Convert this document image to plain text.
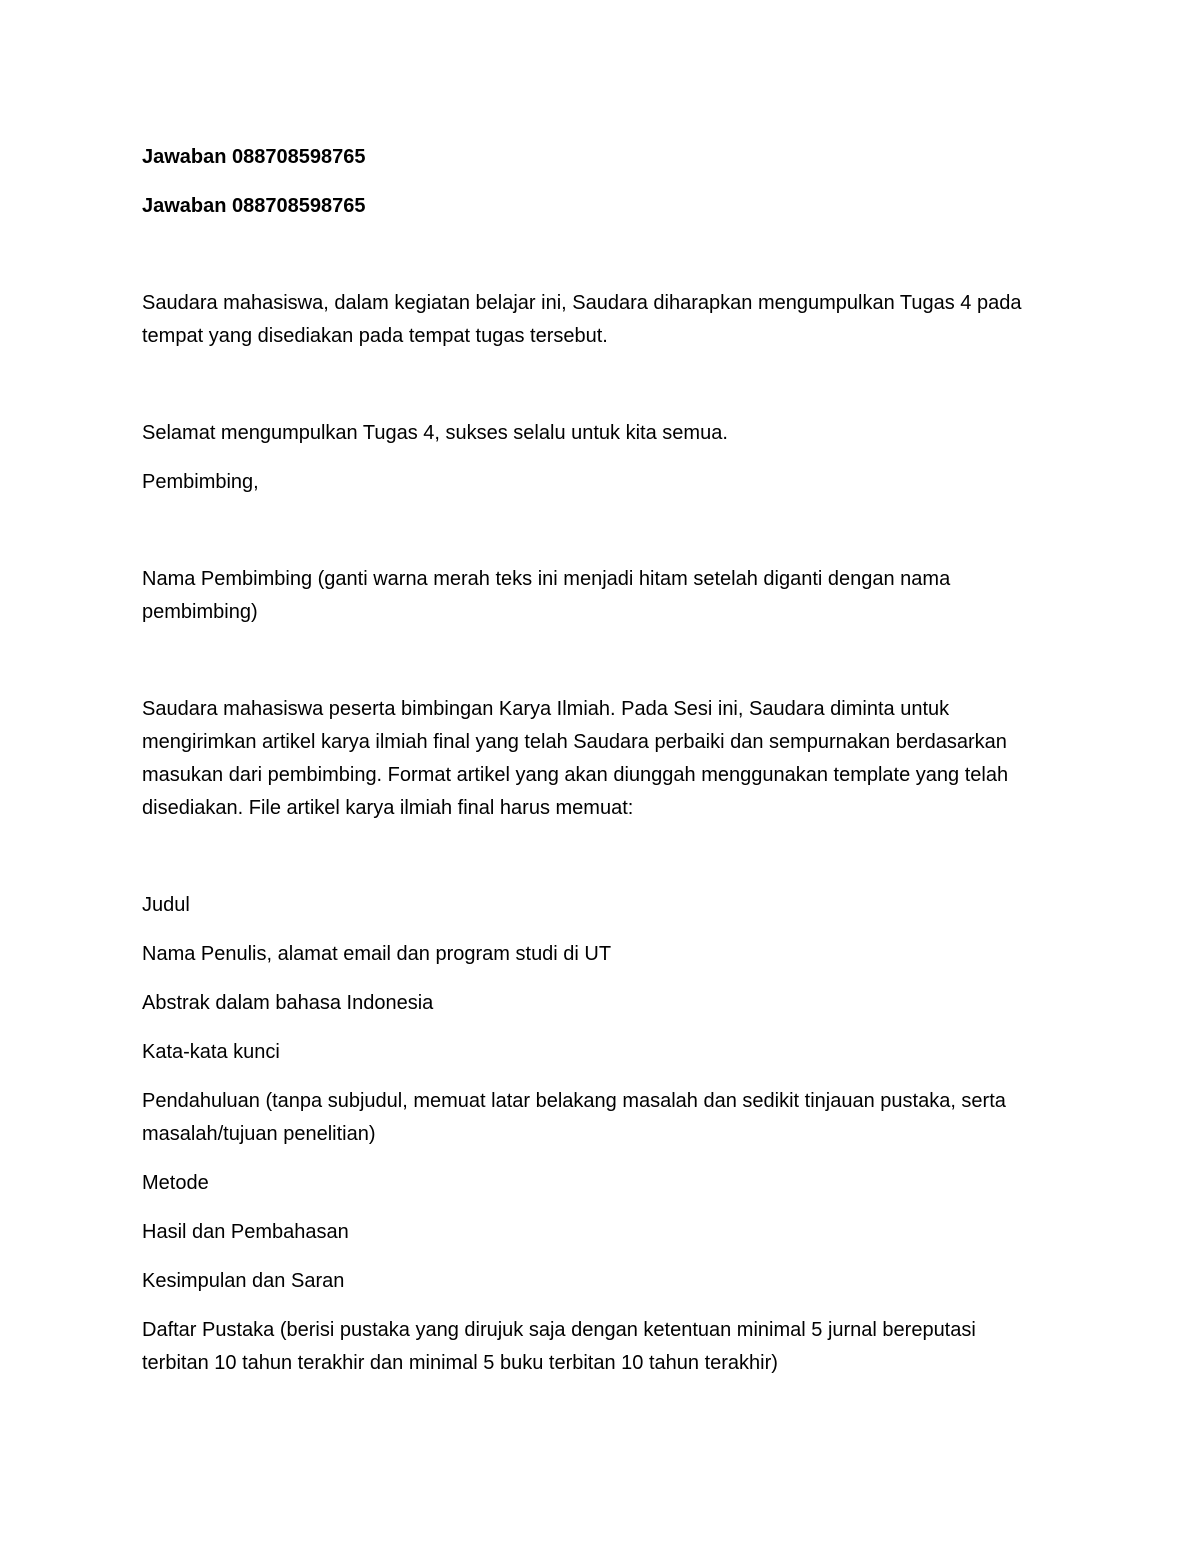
Jawaban 088708598765

Jawaban 088708598765

Saudara mahasiswa, dalam kegiatan belajar ini, Saudara diharapkan mengumpulkan Tugas 4 pada tempat yang disediakan pada tempat tugas tersebut.

Selamat mengumpulkan Tugas 4, sukses selalu untuk kita semua.

Pembimbing,

Nama Pembimbing (ganti warna merah teks ini menjadi hitam setelah diganti dengan nama pembimbing)

Saudara mahasiswa peserta bimbingan Karya Ilmiah. Pada Sesi ini, Saudara diminta untuk mengirimkan artikel karya ilmiah final yang telah Saudara perbaiki dan sempurnakan berdasarkan masukan dari pembimbing. Format artikel yang akan diunggah menggunakan template yang telah disediakan. File artikel karya ilmiah final harus memuat:

Judul

Nama Penulis, alamat email dan program studi di UT

Abstrak dalam bahasa Indonesia

Kata-kata kunci

Pendahuluan (tanpa subjudul, memuat latar belakang masalah dan sedikit tinjauan pustaka, serta masalah/tujuan penelitian)

Metode

Hasil dan Pembahasan

Kesimpulan dan Saran

Daftar Pustaka (berisi pustaka yang dirujuk saja dengan ketentuan minimal 5 jurnal bereputasi terbitan 10 tahun terakhir dan minimal 5 buku terbitan 10 tahun terakhir)
